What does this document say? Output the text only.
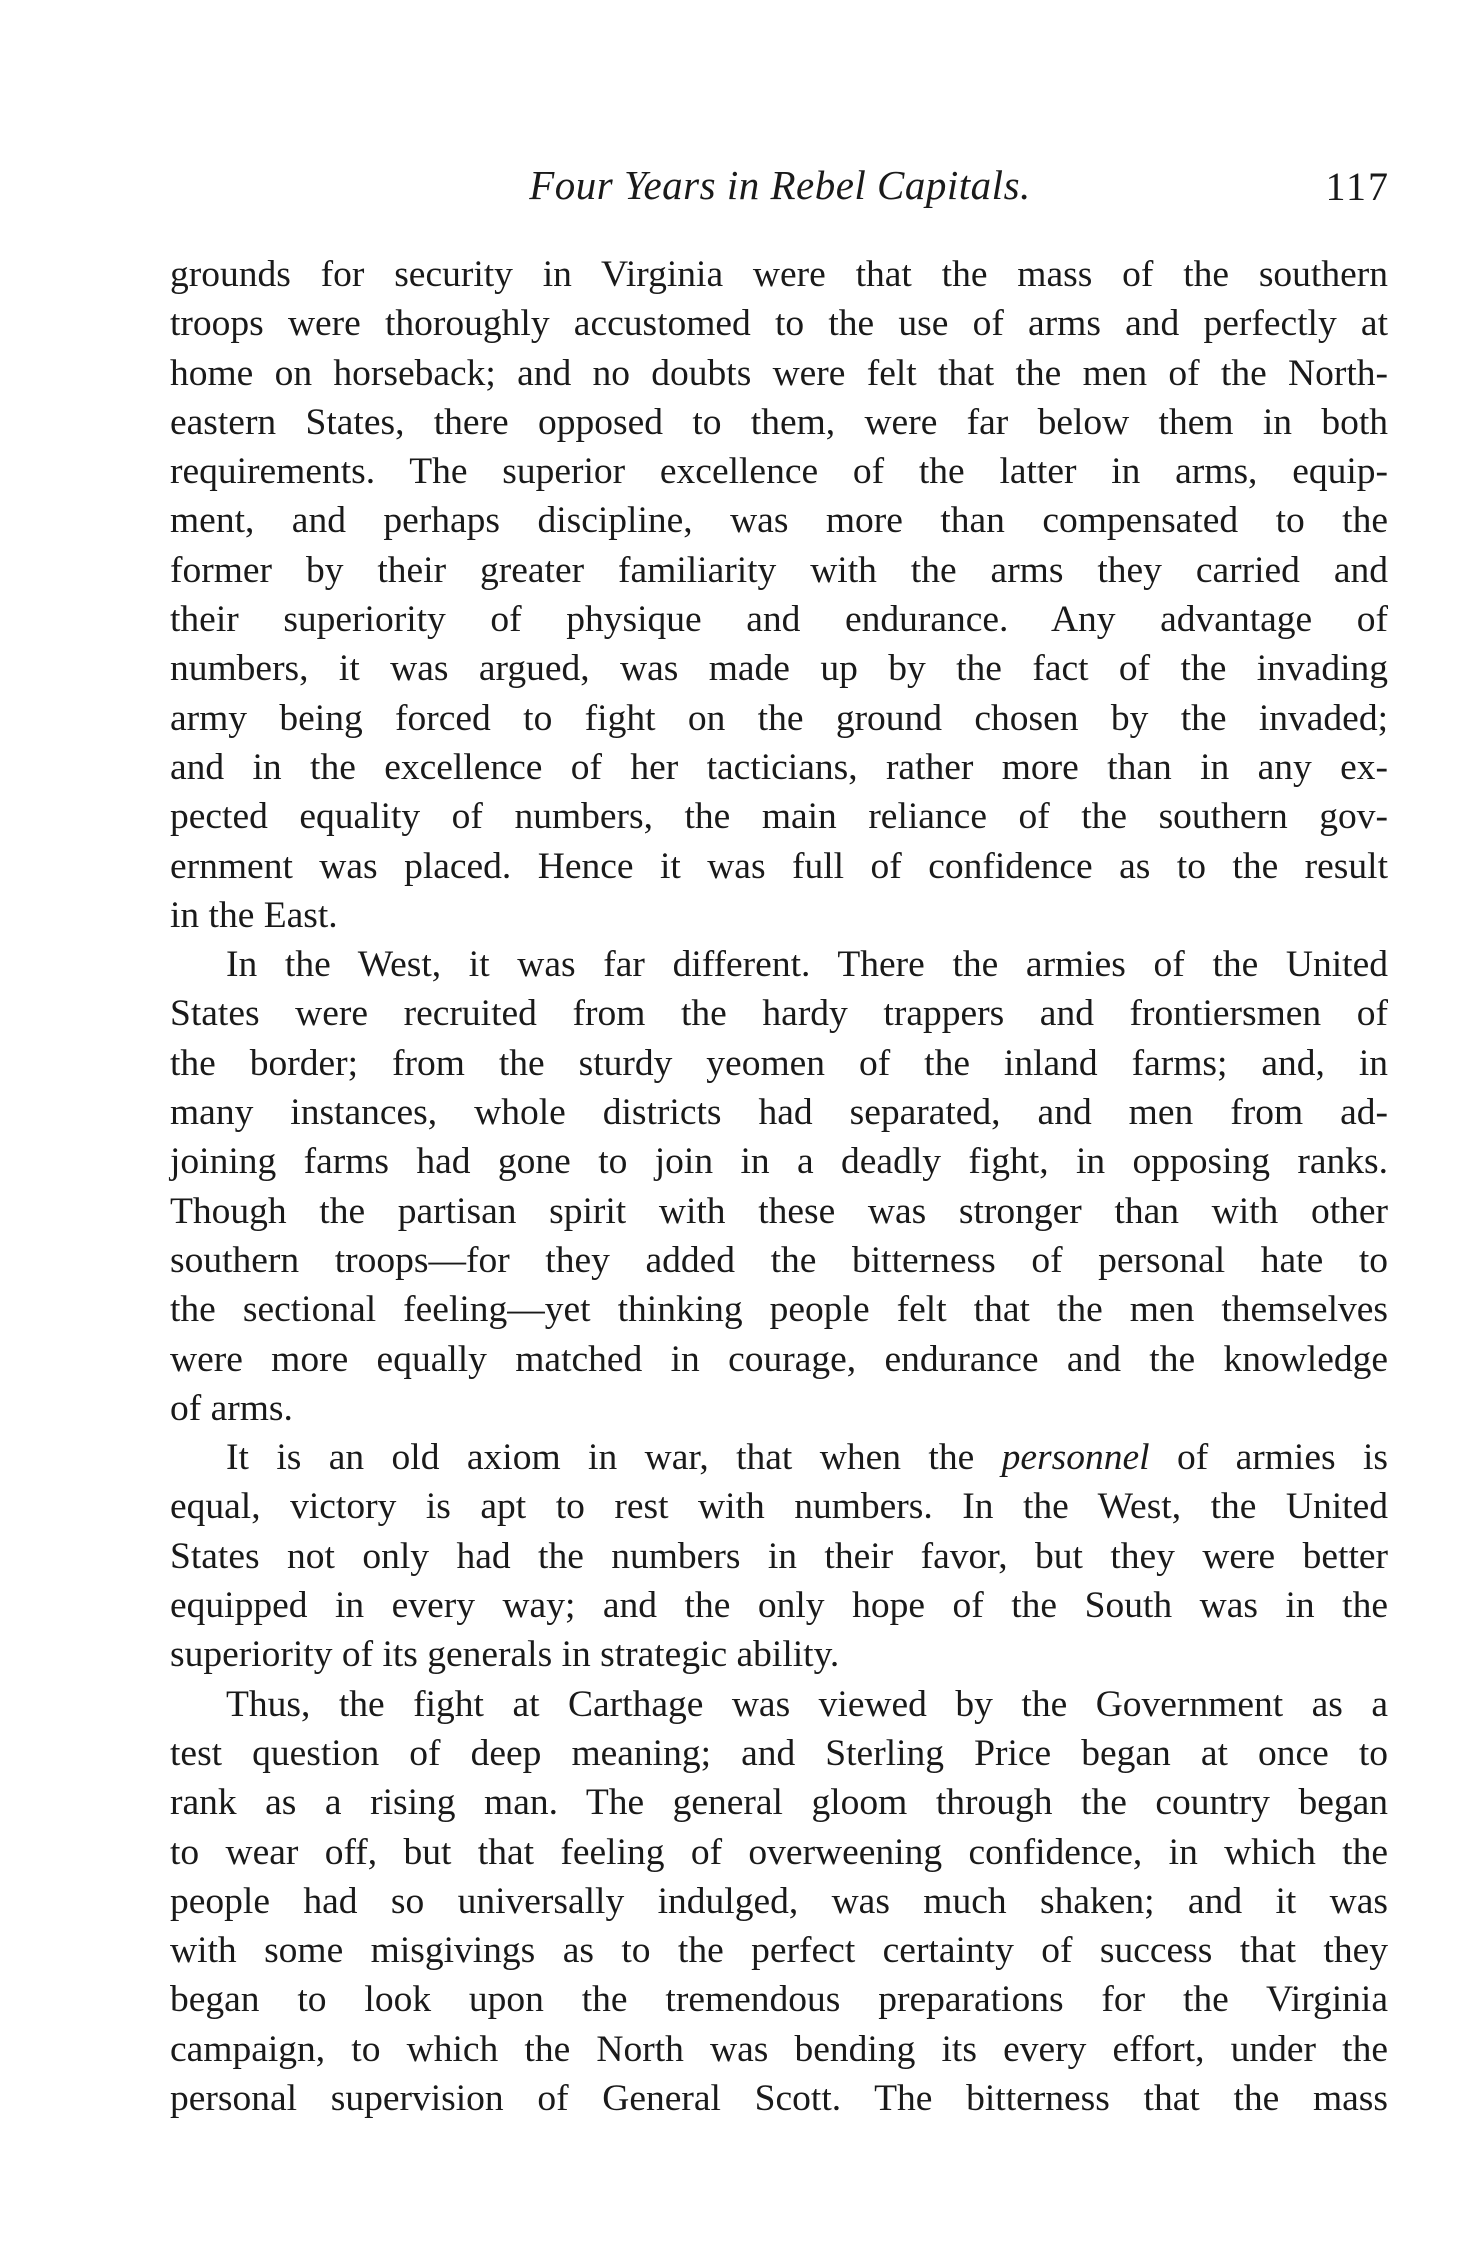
Four Years in Rebel Capitals.	117

grounds for security in Virginia were that the mass of the southern

troops were thoroughly accustomed to the use of arms and perfectly at

home on horseback; and no doubts were felt that the men of the North-

eastern States, there opposed to them, were far below them in both

requirements. The superior excellence of the latter in arms, equip-

ment, and perhaps discipline, was more than compensated to the

former by their greater familiarity with the arms they carried and

their superiority of physique and endurance. Any advantage of

numbers, it was argued, was made up by the fact of the invading

army being forced to fight on the ground chosen by the invaded;

and in the excellence of her tacticians, rather more than in any ex-

pected equality of numbers, the main reliance of the southern gov-

ernment was placed. Hence it was full of confidence as to the result

in the East.

In the West, it was far different. There the armies of the United

States were recruited from the hardy trappers and frontiersmen of

the border; from the sturdy yeomen of the inland farms; and, in

many instances, whole districts had separated, and men from ad-

joining farms had gone to join in a deadly fight, in opposing ranks.

Though the partisan spirit with these was stronger than with other

southern troops—for they added the bitterness of personal hate to

the sectional feeling—yet thinking people felt that the men themselves

were more equally matched in courage, endurance and the knowledge

of arms.

It is an old axiom in war, that when the personnel of armies is

equal, victory is apt to rest with numbers. In the West, the United

States not only had the numbers in their favor, but they were better

equipped in every way; and the only hope of the South was in the

superiority of its generals in strategic ability.

Thus, the fight at Carthage was viewed by the Government as a

test question of deep meaning; and Sterling Price began at once to

rank as a rising man. The general gloom through the country began

to wear off, but that feeling of overweening confidence, in which the

people had so universally indulged, was much shaken; and it was

with some misgivings as to the perfect certainty of success that they

began to look upon the tremendous preparations for the Virginia

campaign, to which the North was bending its every effort, under the

personal supervision of General Scott. The bitterness that the mass
